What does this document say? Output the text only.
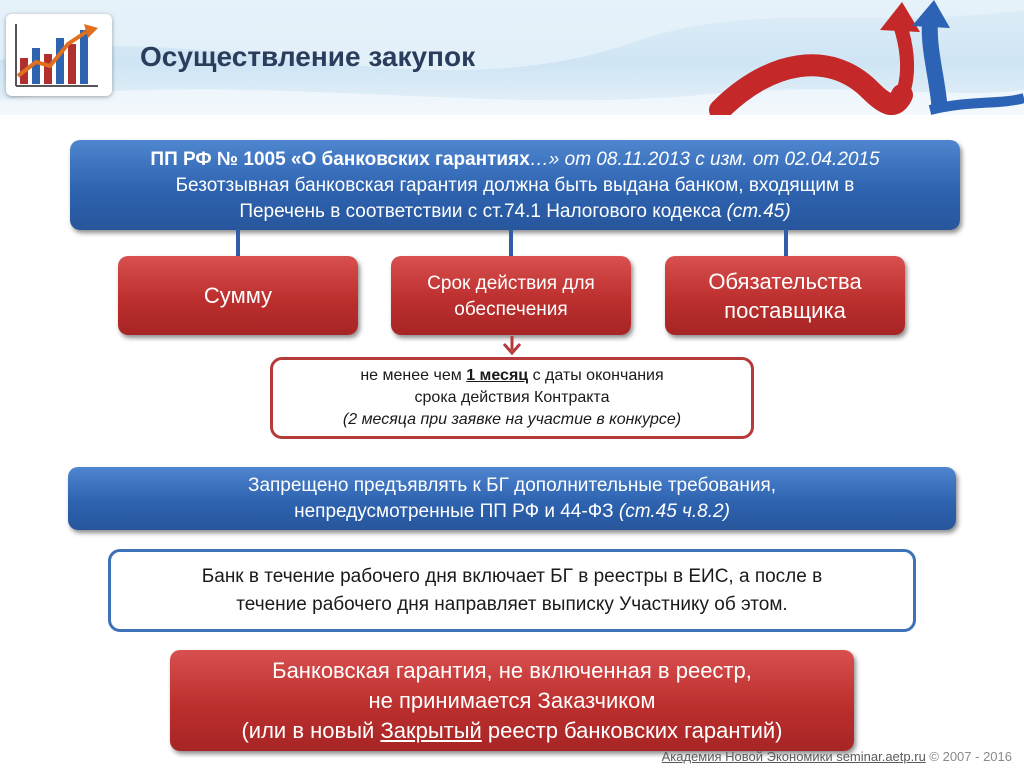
Осуществление закупок
ПП РФ № 1005 «О банковских гарантиях…» от 08.11.2013 с изм. от 02.04.2015
Безотзывная банковская гарантия должна быть выдана банком, входящим в
Перечень в соответствии с ст.74.1 Налогового кодекса (ст.45)
Сумму	Срок действия для обеспечения
Обязательства поставщика
не менее чем 1 месяц с даты окончания
срока действия Контракта
(2 месяца при заявке на участие в конкурсе)
Запрещено предъявлять к БГ дополнительные требования,
непредусмотренные ПП РФ и 44-ФЗ (ст.45 ч.8.2)
Банк в течение рабочего дня включает БГ в реестры в ЕИС, а после в
течение рабочего дня направляет выписку Участнику об этом.
Банковская гарантия, не включенная в реестр,
не принимается Заказчиком
(или в новый Закрытый реестр банковских гарантий)
Академия Новой Экономики seminar.aetp.ru © 2007 - 2016
